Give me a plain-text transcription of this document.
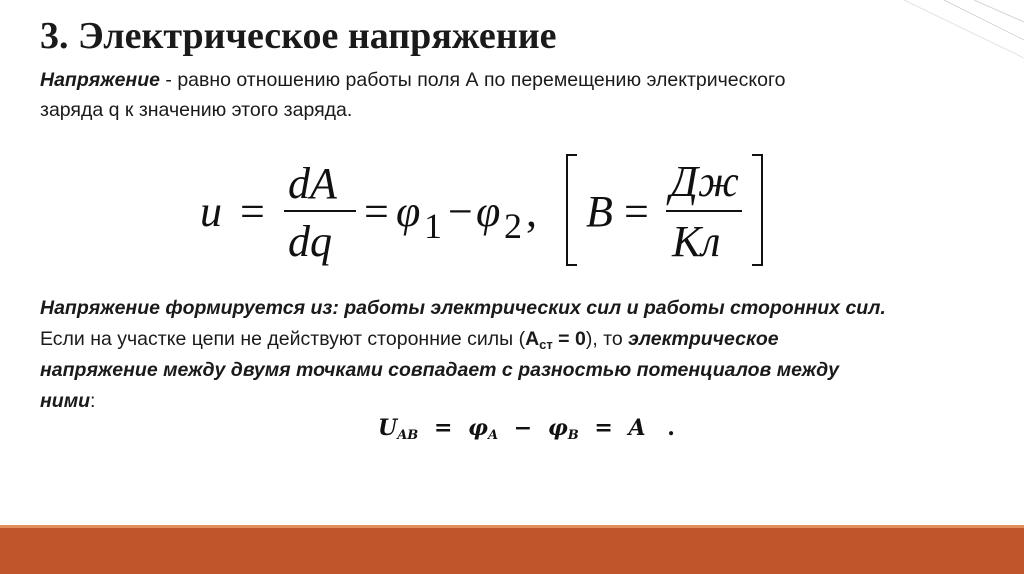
3. Электрическое напряжение
Напряжение - равно отношению работы поля А по перемещению электрического
заряда q к значению этого заряда.
u =
dA
dq
= φ 1 − φ 2 , B =
Дж
Кл
Напряжение формируется из: работы электрических сил и работы сторонних сил.
Если на участке цепи не действуют сторонние силы $(А_{ст} = 0)$, то электрическое
напряжение между двумя точками совпадает с разностью потенциалов между
ними:
$U_{AB} = \varphi_A - \varphi_B = A$ .
